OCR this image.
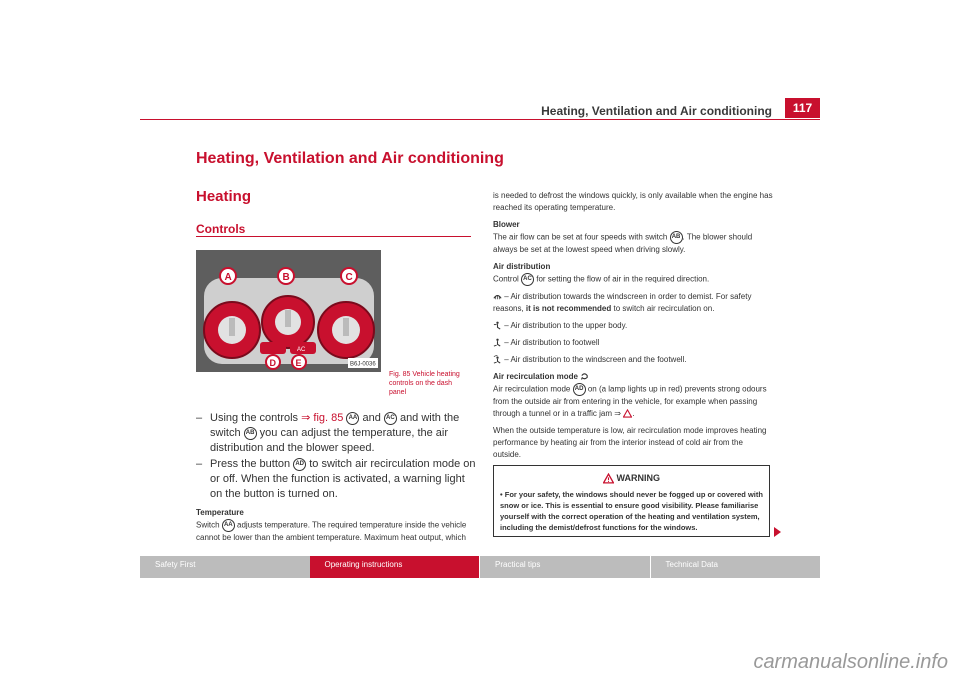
Heating, Ventilation and Air conditioning	117
Heating, Ventilation and Air conditioning
Heating
Controls
AC
A	B	C
D E	B6J-0036
Fig. 85 Vehicle heating controls on the dash panel
– Using the controls ⇒ fig. 85 AA and AC and with the switch AB you can adjust the temperature, the air distribution and the blower speed.
– Press the button AD to switch air recirculation mode on or off. When the function is activated, a warning light on the button is turned on.
Temperature
Switch AA adjusts temperature. The required temperature inside the vehicle cannot be lower than the ambient temperature. Maximum heat output, which

is needed to defrost the windows quickly, is only available when the engine has reached its operating temperature.

Blower

The air flow can be set at four speeds with switch AB . The blower should always be set at the lowest speed when driving slowly.

Air distribution

Control AC for setting the flow of air in the required direction.

– Air distribution towards the windscreen in order to demist. For safety reasons, it is not recommended to switch air recirculation on.

– Air distribution to the upper body.

– Air distribution to footwell

– Air distribution to the windscreen and the footwell.

Air recirculation mode

Air recirculation mode AD on (a lamp lights up in red) prevents strong odours from the outside air from entering in the vehicle, for example when passing through a tunnel or in a traffic jam ⇒ .

When the outside temperature is low, air recirculation mode improves heating performance by heating air from the interior instead of cold air from the outside.

WARNING
• For your safety, the windows should never be fogged up or covered with snow or ice. This is essential to ensure good visibility. Please familiarise yourself with the correct operation of the heating and ventilation system, including the demist/defrost functions for the windows.
Safety First	Operating instructions	Practical tips	Technical Data
carmanualsonline.info
